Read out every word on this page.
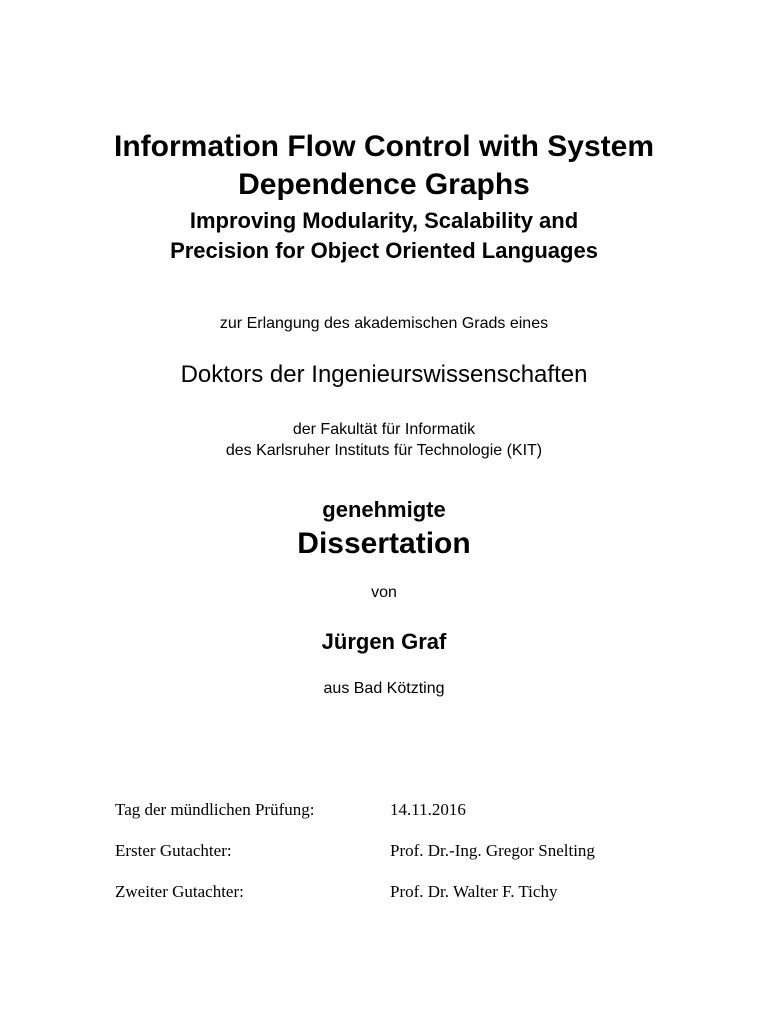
Information Flow Control with System
Dependence Graphs
Improving Modularity, Scalability and
Precision for Object Oriented Languages

zur Erlangung des akademischen Grads eines

Doktors der Ingenieurswissenschaften

der Fakultät für Informatik
des Karlsruher Instituts für Technologie (KIT)

genehmigte

Dissertation

von

Jürgen Graf

aus Bad Kötzting

Tag der mündlichen Prüfung:	14.11.2016
Erster Gutachter:	Prof. Dr.-Ing. Gregor Snelting
Zweiter Gutachter:	Prof. Dr. Walter F. Tichy
